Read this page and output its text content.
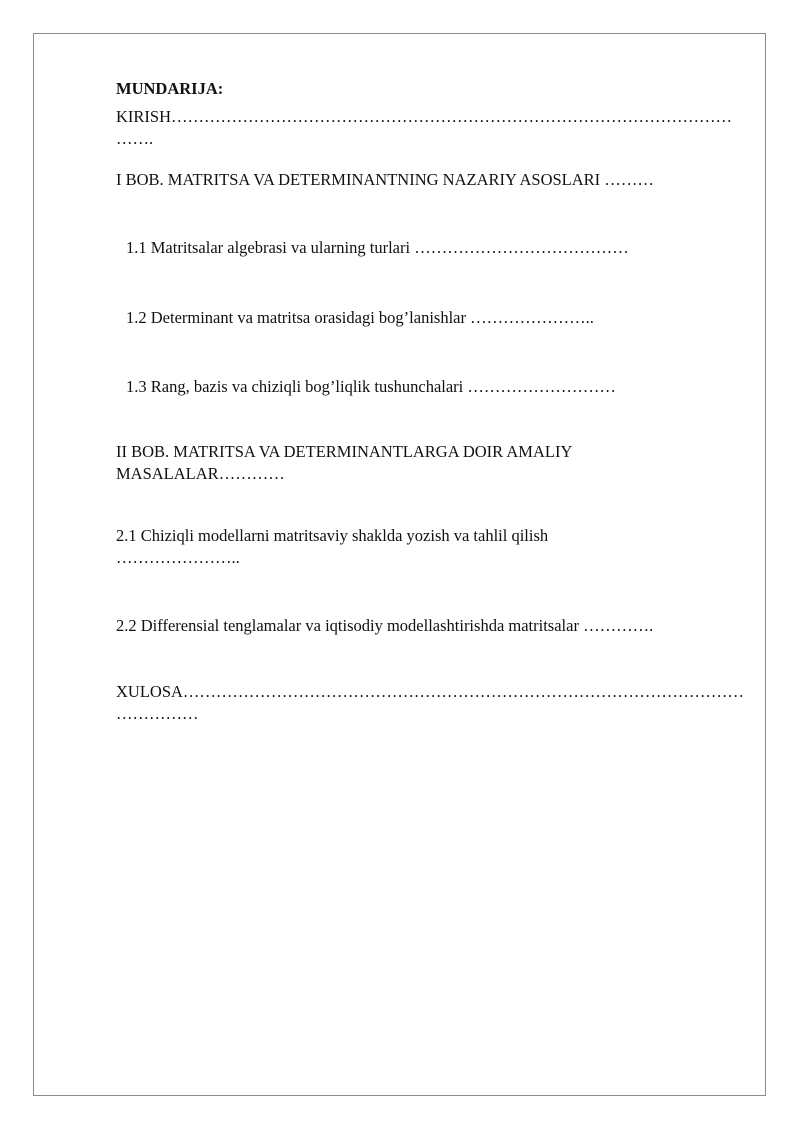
MUNDARIJA:
KIRISH……………………………………………………………………………………………….
I BOB. MATRITSA VA DETERMINANTNING NAZARIY ASOSLARI ………
1.1 Matritsalar algebrasi va ularning turlari …………………………………
1.2 Determinant va matritsa orasidagi bog’lanishlar …………………..
1.3 Rang, bazis va chiziqli bog’liqlik tushunchalari ………………………
II BOB. MATRITSA VA DETERMINANTLARGA DOIR AMALIY MASALALAR…………
2.1 Chiziqli modellarni matritsaviy shaklda yozish va tahlil qilish …………………..
2.2 Differensial tenglamalar va iqtisodiy modellashtirishda matritsalar ………….
XULOSA………………………………………………………………………………………………………
